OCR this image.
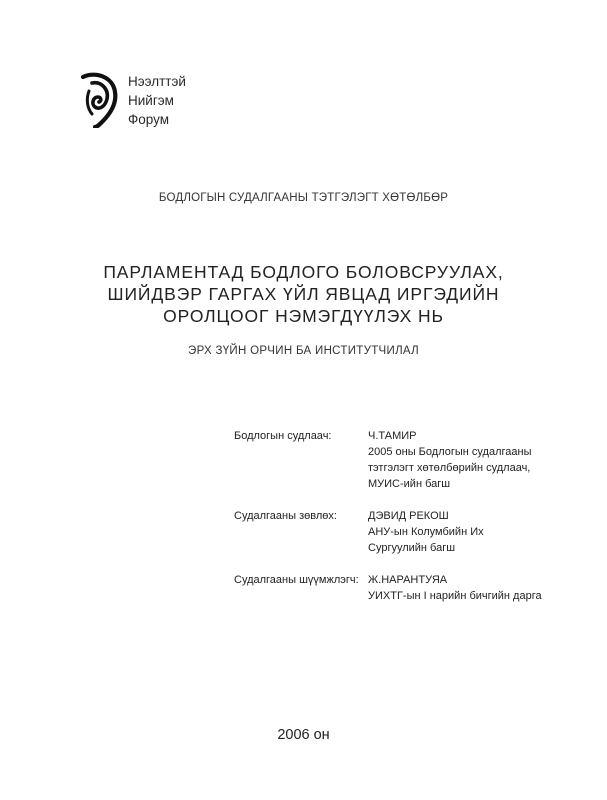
Нээлттэй
Нийгэм
Форум
БОДЛОГЫН СУДАЛГААНЫ ТЭТГЭЛЭГТ ХӨТӨЛБӨР
ПАРЛАМЕНТАД БОДЛОГО БОЛОВСРУУЛАХ,
ШИЙДВЭР ГАРГАХ ҮЙЛ ЯВЦАД ИРГЭДИЙН
ОРОЛЦООГ НЭМЭГДҮҮЛЭХ НЬ
ЭРХ ЗҮЙН ОРЧИН БА ИНСТИТУТЧИЛАЛ
Бодлогын судлаач:	Ч.ТАМИР
2005 оны Бодлогын судалгааны
тэтгэлэгт хөтөлбөрийн судлаач,
МУИС-ийн багш
Судалгааны зөвлөх:	ДЭВИД РЕКОШ
АНУ-ын Колумбийн Их
Сургуулийн багш
Судалгааны шүүмжлэгч: Ж.НАРАНТУЯА
УИХТГ-ын I нарийн бичгийн дарга
2006 он
